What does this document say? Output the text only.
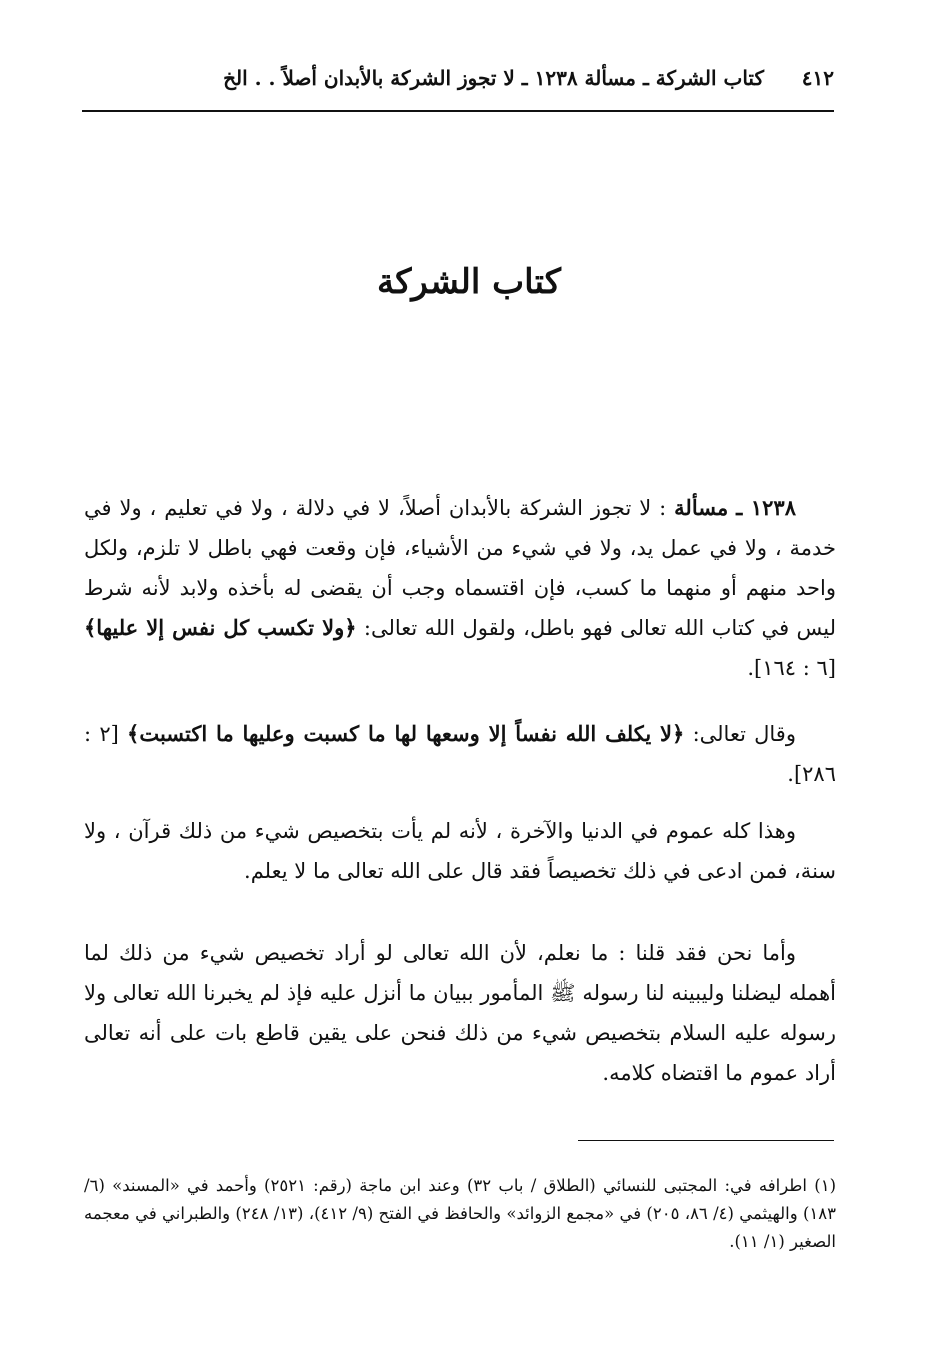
٤١٢
كتاب الشركة ـ مسألة ١٢٣٨ ـ لا تجوز الشركة بالأبدان أصلاً . . الخ
كتاب الشركة

١٢٣٨ ـ مسألة : لا تجوز الشركة بالأبدان أصلاً، لا في دلالة ، ولا في تعليم ، ولا في خدمة ، ولا في عمل يد، ولا في شيء من الأشياء، فإن وقعت فهي باطل لا تلزم، ولكل واحد منهم أو منهما ما كسب، فإن اقتسماه وجب أن يقضى له بأخذه ولابد لأنه شرط ليس في كتاب الله تعالى فهو باطل، ولقول الله تعالى: ﴿ولا تكسب كل نفس إلا عليها﴾ [٦ : ١٦٤].

وقال تعالى: ﴿لا يكلف الله نفساً إلا وسعها لها ما كسبت وعليها ما اكتسبت﴾ [٢ : ٢٨٦].

وهذا كله عموم في الدنيا والآخرة ، لأنه لم يأت بتخصيص شيء من ذلك قرآن ، ولا سنة، فمن ادعى في ذلك تخصيصاً فقد قال على الله تعالى ما لا يعلم.

وأما نحن فقد قلنا : ما نعلم، لأن الله تعالى لو أراد تخصيص شيء من ذلك لما أهمله ليضلنا وليبينه لنا رسوله ﷺ المأمور ببيان ما أنزل عليه فإذ لم يخبرنا الله تعالى ولا رسوله عليه السلام بتخصيص شيء من ذلك فنحن على يقين قاطع بات على أنه تعالى أراد عموم ما اقتضاه كلامه.

(١) اطرافه في: المجتبى للنسائي (الطلاق / باب ٣٢) وعند ابن ماجة (رقم: ٢٥٢١) وأحمد في «المسند» (٦/ ١٨٣) والهيثمي (٤/ ٨٦، ٢٠٥) في «مجمع الزوائد» والحافظ في الفتح (٩/ ٤١٢)، (١٣/ ٢٤٨) والطبراني في معجمه الصغير (١/ ١١).
